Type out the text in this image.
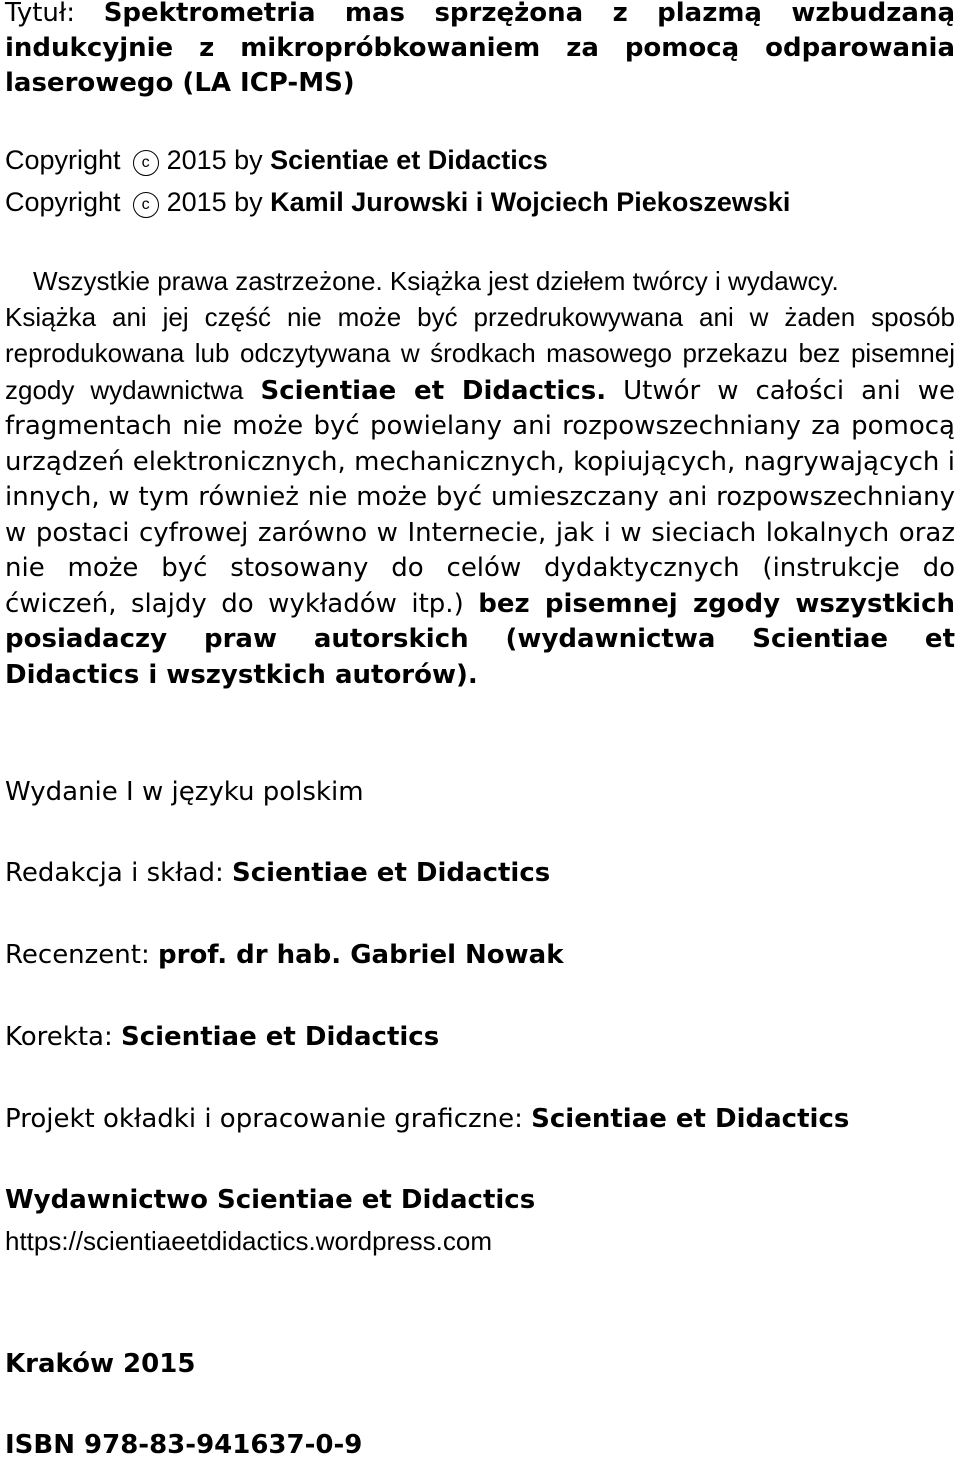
Tytuł: Spektrometria mas sprzężona z plazmą wzbudzaną indukcyjnie z mikropróbkowaniem za pomocą odparowania laserowego (LA ICP-MS)
Copyright c 2015 by Scientiae et Didactics
Copyright c 2015 by Kamil Jurowski i Wojciech Piekoszewski
Wszystkie prawa zastrzeżone. Książka jest dziełem twórcy i wydawcy.
Książka ani jej część nie może być przedrukowywana ani w żaden sposób reprodukowana lub odczytywana w środkach masowego przekazu bez pisemnej zgody wydawnictwa Scientiae et Didactics. Utwór w całości ani we fragmentach nie może być powielany ani rozpowszechniany za pomocą urządzeń elektronicznych, mechanicznych, kopiujących, nagrywających i innych, w tym również nie może być umieszczany ani rozpowszechniany w postaci cyfrowej zarówno w Internecie, jak i w sieciach lokalnych oraz nie może być stosowany do celów dydaktycznych (instrukcje do ćwiczeń, slajdy do wykładów itp.) bez pisemnej zgody wszystkich posiadaczy praw autorskich (wydawnictwa Scientiae et Didactics i wszystkich autorów).
Wydanie I w języku polskim
Redakcja i skład: Scientiae et Didactics
Recenzent: prof. dr hab. Gabriel Nowak
Korekta: Scientiae et Didactics
Projekt okładki i opracowanie graficzne: Scientiae et Didactics
Wydawnictwo Scientiae et Didactics
https://scientiaeetdidactics.wordpress.com
Kraków 2015
ISBN 978-83-941637-0-9
